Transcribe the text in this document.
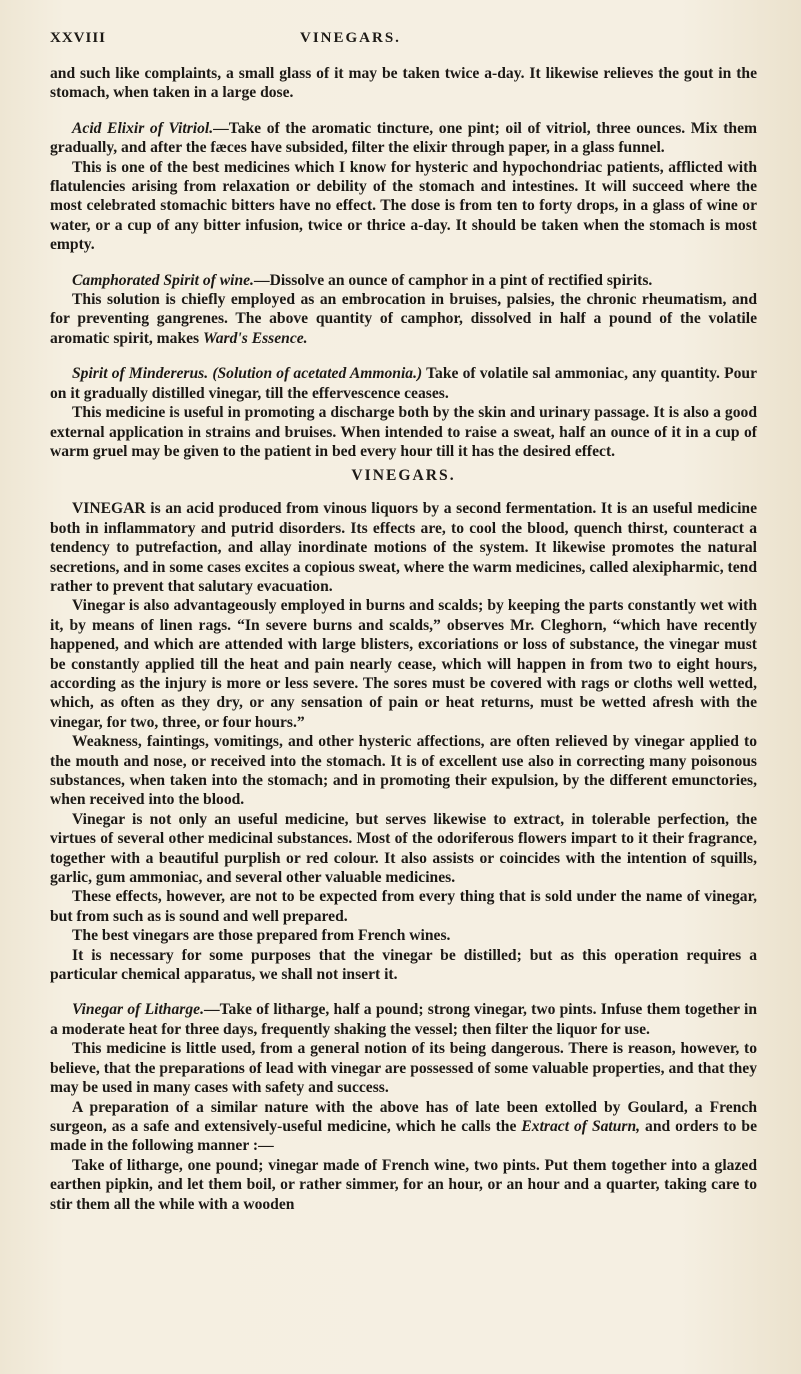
XXVIII	VINEGARS.

and such like complaints, a small glass of it may be taken twice a-day. It likewise relieves the gout in the stomach, when taken in a large dose.

Acid Elixir of Vitriol.—Take of the aromatic tincture, one pint; oil of vitriol, three ounces. Mix them gradually, and after the fæces have subsided, filter the elixir through paper, in a glass funnel.

This is one of the best medicines which I know for hysteric and hypochondriac patients, afflicted with flatulencies arising from relaxation or debility of the stomach and intestines. It will succeed where the most celebrated stomachic bitters have no effect. The dose is from ten to forty drops, in a glass of wine or water, or a cup of any bitter infusion, twice or thrice a-day. It should be taken when the stomach is most empty.

Camphorated Spirit of wine.—Dissolve an ounce of camphor in a pint of rectified spirits.

This solution is chiefly employed as an embrocation in bruises, palsies, the chronic rheumatism, and for preventing gangrenes. The above quantity of camphor, dissolved in half a pound of the volatile aromatic spirit, makes Ward's Essence.

Spirit of Mindererus. (Solution of acetated Ammonia.) Take of volatile sal ammoniac, any quantity. Pour on it gradually distilled vinegar, till the effervescence ceases.

This medicine is useful in promoting a discharge both by the skin and urinary passage. It is also a good external application in strains and bruises. When intended to raise a sweat, half an ounce of it in a cup of warm gruel may be given to the patient in bed every hour till it has the desired effect.

VINEGARS.

VINEGAR is an acid produced from vinous liquors by a second fermentation. It is an useful medicine both in inflammatory and putrid disorders. Its effects are, to cool the blood, quench thirst, counteract a tendency to putrefaction, and allay inordinate motions of the system. It likewise promotes the natural secretions, and in some cases excites a copious sweat, where the warm medicines, called alexipharmic, tend rather to prevent that salutary evacuation.

Vinegar is also advantageously employed in burns and scalds; by keeping the parts constantly wet with it, by means of linen rags. “In severe burns and scalds,” observes Mr. Cleghorn, “which have recently happened, and which are attended with large blisters, excoriations or loss of substance, the vinegar must be constantly applied till the heat and pain nearly cease, which will happen in from two to eight hours, according as the injury is more or less severe. The sores must be covered with rags or cloths well wetted, which, as often as they dry, or any sensation of pain or heat returns, must be wetted afresh with the vinegar, for two, three, or four hours.”

Weakness, faintings, vomitings, and other hysteric affections, are often relieved by vinegar applied to the mouth and nose, or received into the stomach. It is of excellent use also in correcting many poisonous substances, when taken into the stomach; and in promoting their expulsion, by the different emunctories, when received into the blood.

Vinegar is not only an useful medicine, but serves likewise to extract, in tolerable perfection, the virtues of several other medicinal substances. Most of the odoriferous flowers impart to it their fragrance, together with a beautiful purplish or red colour. It also assists or coincides with the intention of squills, garlic, gum ammoniac, and several other valuable medicines.

These effects, however, are not to be expected from every thing that is sold under the name of vinegar, but from such as is sound and well prepared.

The best vinegars are those prepared from French wines.

It is necessary for some purposes that the vinegar be distilled; but as this operation requires a particular chemical apparatus, we shall not insert it.

Vinegar of Litharge.—Take of litharge, half a pound; strong vinegar, two pints. Infuse them together in a moderate heat for three days, frequently shaking the vessel; then filter the liquor for use.

This medicine is little used, from a general notion of its being dangerous. There is reason, however, to believe, that the preparations of lead with vinegar are possessed of some valuable properties, and that they may be used in many cases with safety and success.

A preparation of a similar nature with the above has of late been extolled by Goulard, a French surgeon, as a safe and extensively-useful medicine, which he calls the Extract of Saturn, and orders to be made in the following manner :—

Take of litharge, one pound; vinegar made of French wine, two pints. Put them together into a glazed earthen pipkin, and let them boil, or rather simmer, for an hour, or an hour and a quarter, taking care to stir them all the while with a wooden
